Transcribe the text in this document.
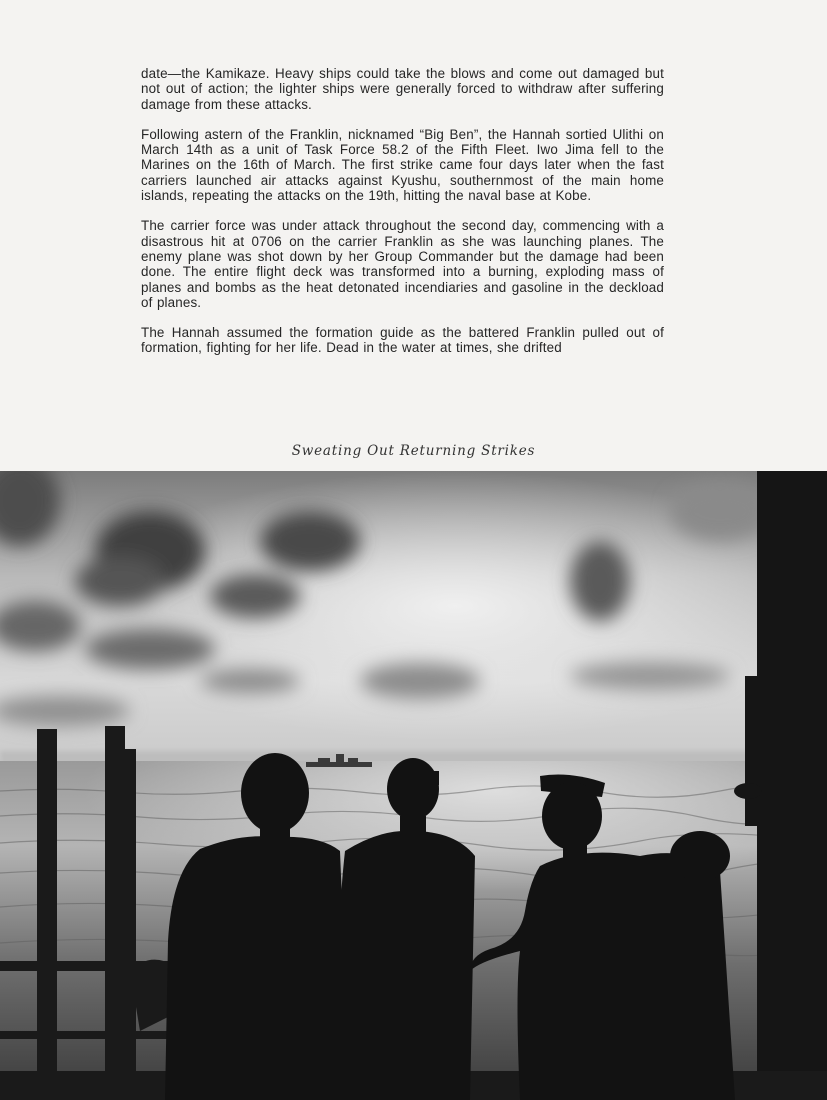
date—the Kamikaze. Heavy ships could take the blows and come out damaged but not out of action; the lighter ships were generally forced to withdraw after suffering damage from these attacks.

Following astern of the Franklin, nicknamed “Big Ben”, the Hannah sortied Ulithi on March 14th as a unit of Task Force 58.2 of the Fifth Fleet. Iwo Jima fell to the Marines on the 16th of March. The first strike came four days later when the fast carriers launched air attacks against Kyushu, southernmost of the main home islands, repeating the attacks on the 19th, hitting the naval base at Kobe.

The carrier force was under attack throughout the second day, commencing with a disastrous hit at 0706 on the carrier Franklin as she was launching planes. The enemy plane was shot down by her Group Commander but the damage had been done. The entire flight deck was transformed into a burning, exploding mass of planes and bombs as the heat detonated incendiaries and gasoline in the deckload of planes.

The Hannah assumed the formation guide as the battered Franklin pulled out of formation, fighting for her life. Dead in the water at times, she drifted

Sweating Out Returning Strikes
